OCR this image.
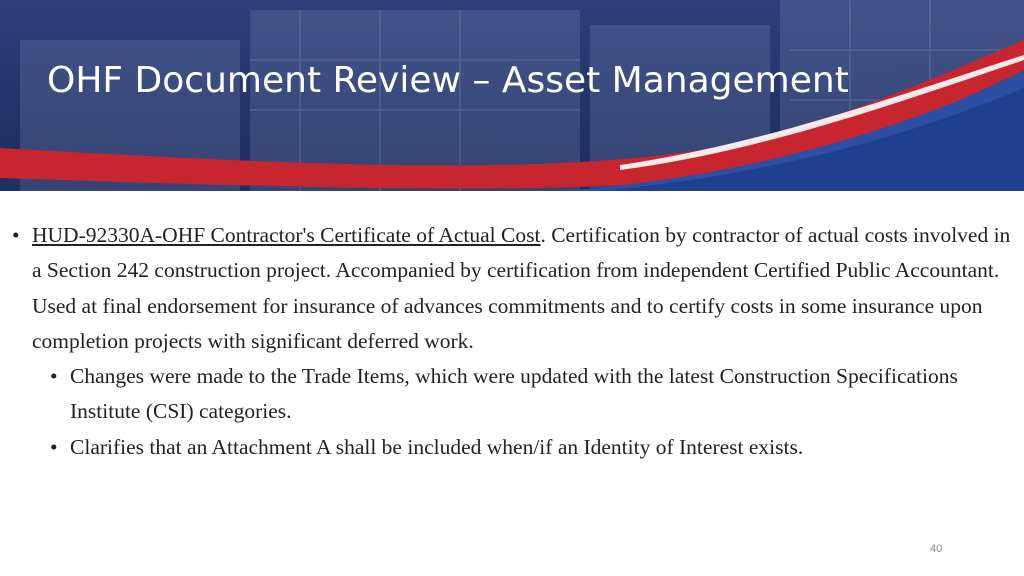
OHF Document Review – Asset Management
• HUD-92330A-OHF Contractor's Certificate of Actual Cost. Certification by contractor of actual costs involved in a Section 242 construction project. Accompanied by certification from independent Certified Public Accountant. Used at final endorsement for insurance of advances commitments and to certify costs in some insurance upon completion projects with significant deferred work.
• Changes were made to the Trade Items, which were updated with the latest Construction Specifications Institute (CSI) categories.
• Clarifies that an Attachment A shall be included when/if an Identity of Interest exists.
40
